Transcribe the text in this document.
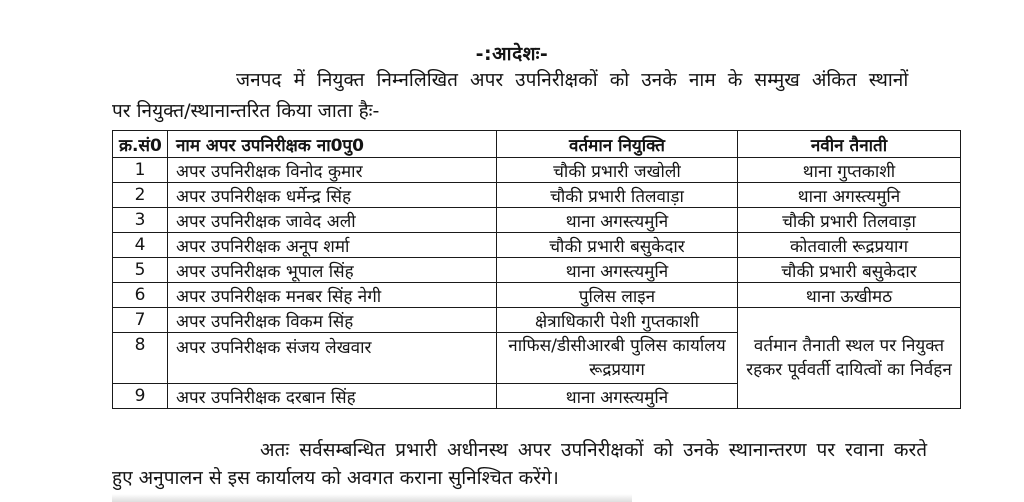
-:आदेशः-
जनपद में नियुक्त निम्नलिखित अपर उपनिरीक्षकों को उनके नाम के सम्मुख अंकित स्थानों
पर नियुक्त/स्थानान्तरित किया जाता हैः-
क्र.सं0	नाम अपर उपनिरीक्षक ना0पु0	वर्तमान नियुक्ति	नवीन तैनाती
1	अपर उपनिरीक्षक विनोद कुमार	चौकी प्रभारी जखोली	थाना गुप्तकाशी
2	अपर उपनिरीक्षक धर्मेन्द्र सिंह	चौकी प्रभारी तिलवाड़ा	थाना अगस्त्यमुनि
3	अपर उपनिरीक्षक जावेद अली	थाना अगस्त्यमुनि	चौकी प्रभारी तिलवाड़ा
4	अपर उपनिरीक्षक अनूप शर्मा	चौकी प्रभारी बसुकेदार	कोतवाली रूद्रप्रयाग
5	अपर उपनिरीक्षक भूपाल सिंह	थाना अगस्त्यमुनि	चौकी प्रभारी बसुकेदार
6	अपर उपनिरीक्षक मनबर सिंह नेगी	पुलिस लाइन	थाना ऊखीमठ
7	अपर उपनिरीक्षक विकम सिंह	क्षेत्राधिकारी पेशी गुप्तकाशी	वर्तमान तैनाती स्थल पर नियुक्त रहकर पूर्ववर्ती दायित्वों का निर्वहन
8	अपर उपनिरीक्षक संजय लेखवार	नाफिस/डीसीआरबी पुलिस कार्यालय रूद्रप्रयाग	
9	अपर उपनिरीक्षक दरबान सिंह	थाना अगस्त्यमुनि	
अतः सर्वसम्बन्धित प्रभारी अधीनस्थ अपर उपनिरीक्षकों को उनके स्थानान्तरण पर रवाना करते
हुए अनुपालन से इस कार्यालय को अवगत कराना सुनिश्चित करेंगे।
